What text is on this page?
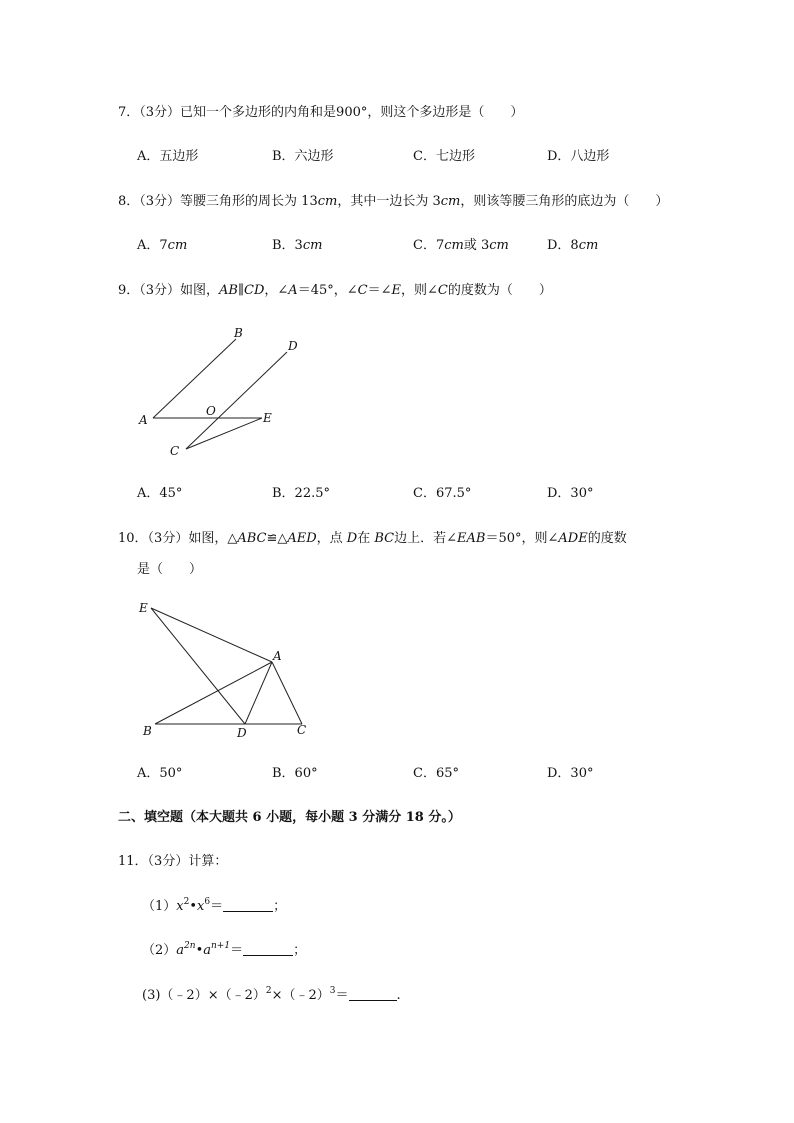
7．（3分）已知一个多边形的内角和是900°，则这个多边形是（　　）
A．五边形	B．六边形	C．七边形	D．八边形
8．（3分）等腰三角形的周长为 13cm，其中一边长为 3cm，则该等腰三角形的底边为（　　）
A．7cm	B．3cm	C．7cm或 3cm	D．8cm
9．（3分）如图，AB∥CD，∠A＝45°，∠C＝∠E，则∠C的度数为（　　）
B
D
A
O	E
C
E
A
B	D	C
A．45°	B．22.5°	C．67.5°	D．30°
10．（3分）如图，△ABC≌△AED，点 D在 BC边上．若∠EAB＝50°，则∠ADE的度数
是（　　）
A．50°	B．60°	C．65°	D．30°
二、填空题（本大题共 6 小题，每小题 3 分满分 18 分。）
11．（3分）计算：
$(1)x^2•x^6=$	；
$(2)a^{2n}•a^{n+1}=$	；
(3)（﹣2）×（﹣2）$^2$×（﹣2）$^3$＝	.
